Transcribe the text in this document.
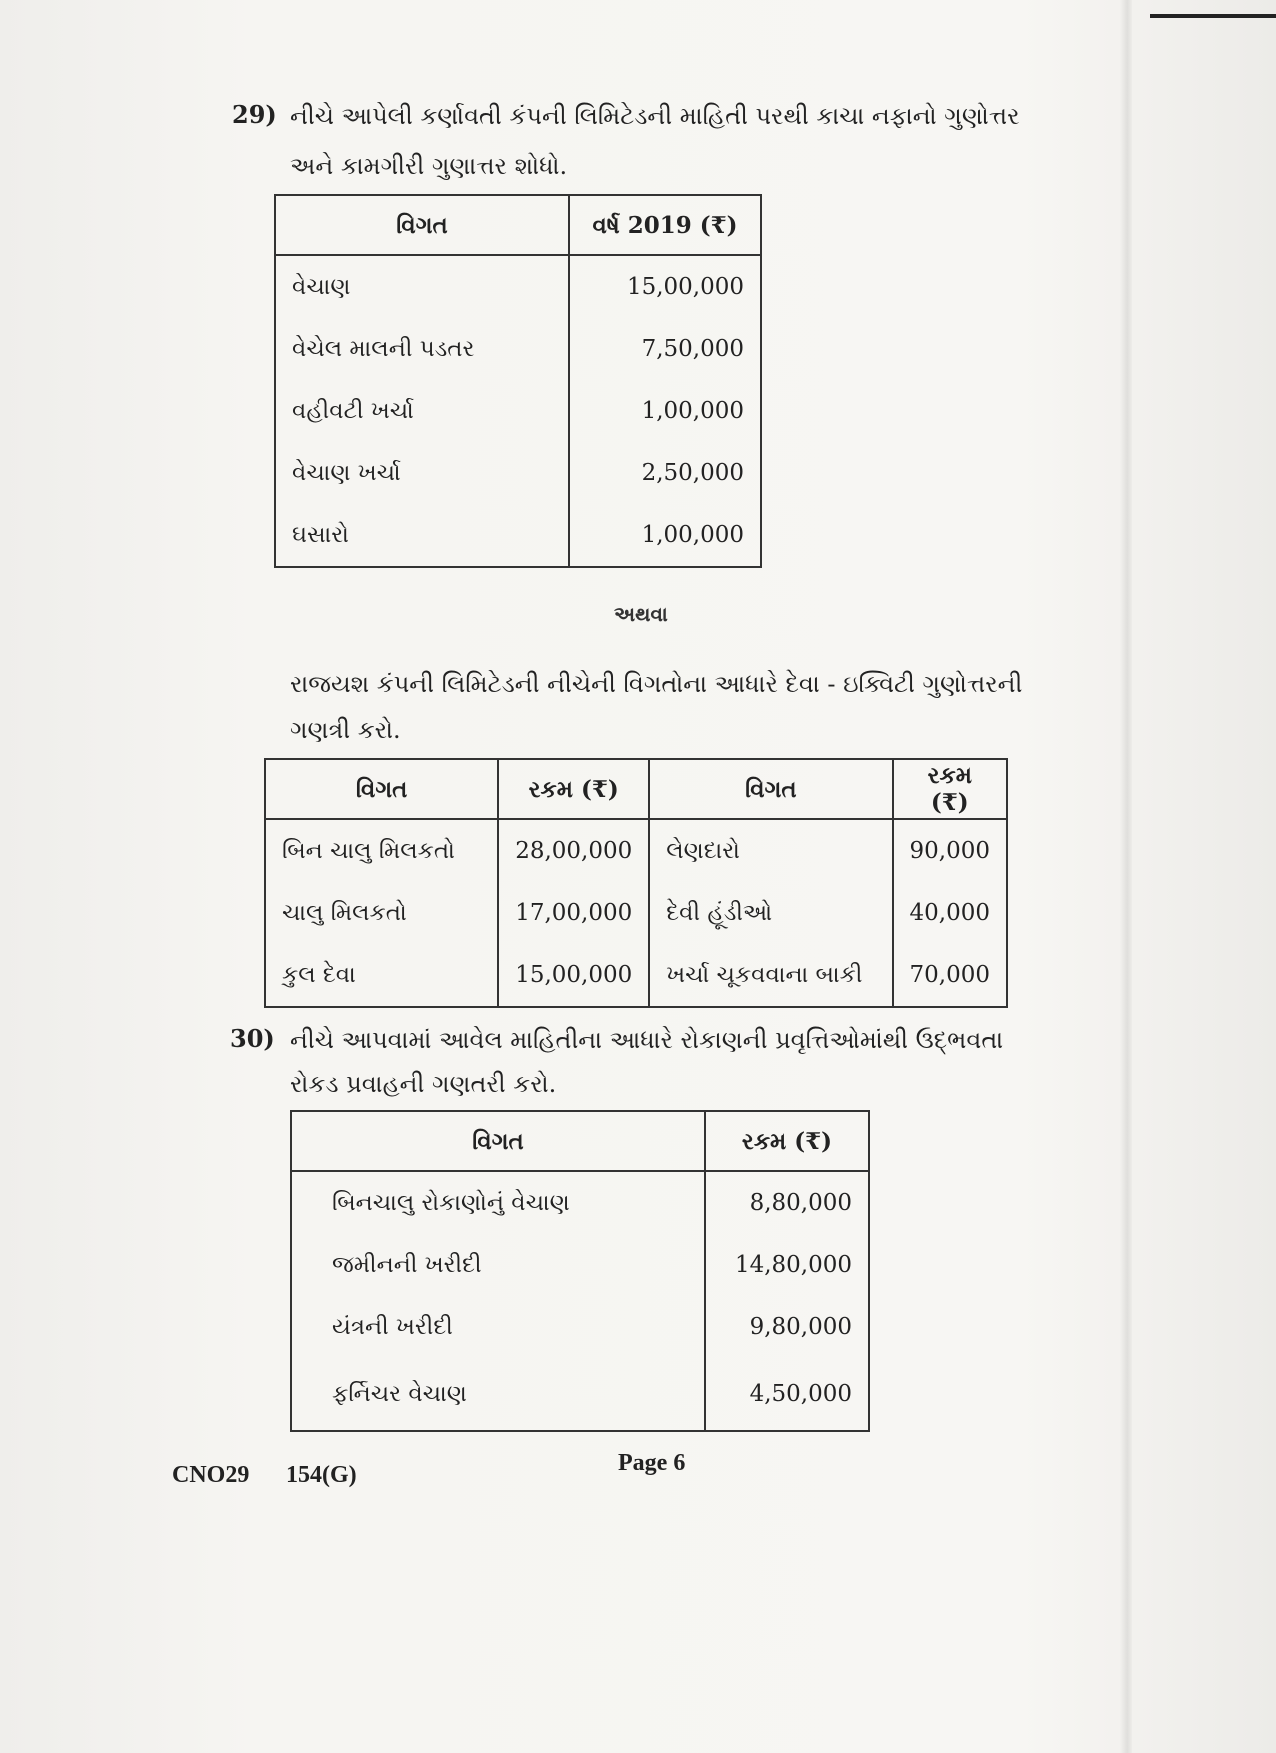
29) નીચે આપેલી કર્ણાવતી કંપની લિમિટેડની માહિતી પરથી કાચા નફાનો ગુણોત્તર
અને કામગીરી ગુણાત્તર શોધો.
વિગત	વર્ષ 2019 (₹)
વેચાણ	15,00,000
વેચેલ માલની પડતર	7,50,000
વહીવટી ખર્ચા	1,00,000
વેચાણ ખર્ચા	2,50,000
ઘસારો	1,00,000
અથવા
રાજયશ કંપની લિમિટેડની નીચેની વિગતોના આધારે દેવા - ઇક્વિટી ગુણોત્તરની
ગણત્રી કરો.
વિગત	રકમ (₹)	વિગત	રકમ (₹)
બિન ચાલુ મિલકતો	28,00,000	લેણદારો	90,000
ચાલુ મિલકતો	17,00,000	દેવી હૂંડીઓ	40,000
કુલ દેવા	15,00,000	ખર્ચા ચૂકવવાના બાકી	70,000
30) નીચે આપવામાં આવેલ માહિતીના આધારે રોકાણની પ્રવૃત્તિઓમાંથી ઉદ્ભવતા
રોકડ પ્રવાહની ગણતરી કરો.
વિગત	રકમ (₹)
બિનચાલુ રોકાણોનું વેચાણ	8,80,000
જમીનની ખરીદી	14,80,000
યંત્રની ખરીદી	9,80,000
ફર્નિચર વેચાણ	4,50,000
CNO29 154(G)	Page 6
